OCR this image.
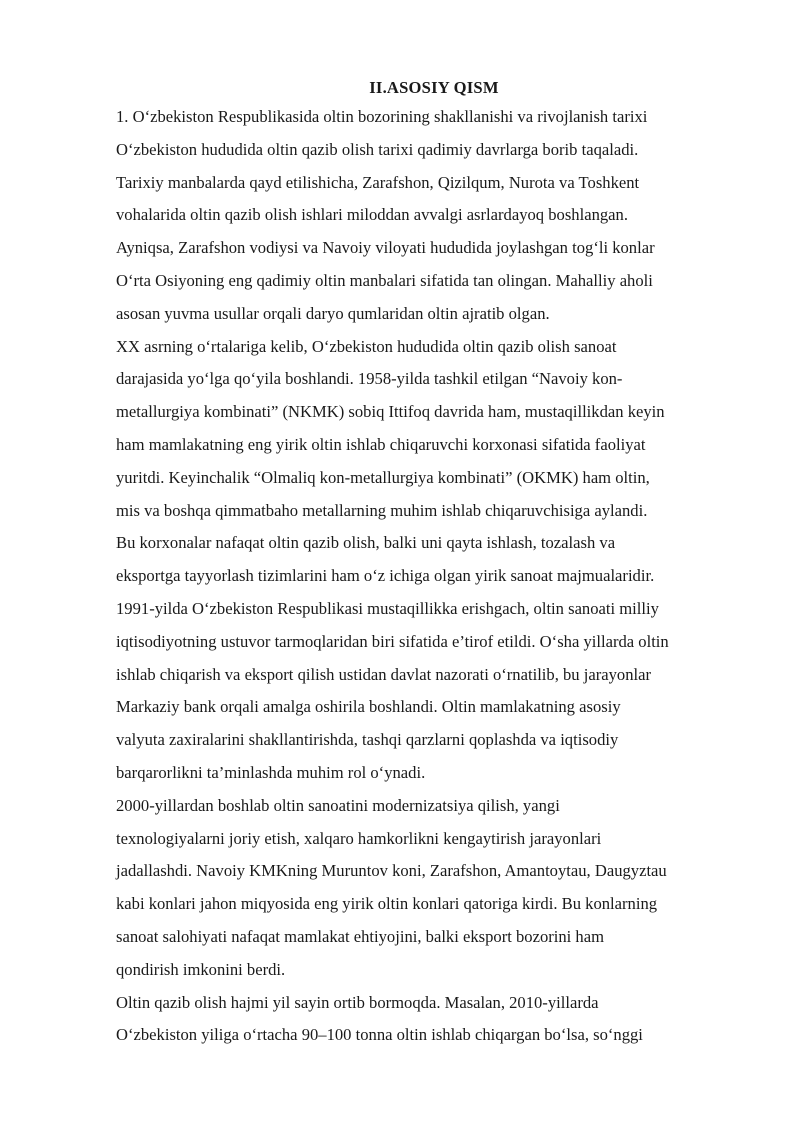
II.ASOSIY QISM
1. O‘zbekiston Respublikasida oltin bozorining shakllanishi va rivojlanish tarixi
O‘zbekiston hududida oltin qazib olish tarixi qadimiy davrlarga borib taqaladi.
Tarixiy manbalarda qayd etilishicha, Zarafshon, Qizilqum, Nurota va Toshkent
vohalarida oltin qazib olish ishlari miloddan avvalgi asrlardayoq boshlangan.
Ayniqsa, Zarafshon vodiysi va Navoiy viloyati hududida joylashgan tog‘li konlar
O‘rta Osiyoning eng qadimiy oltin manbalari sifatida tan olingan. Mahalliy aholi
asosan yuvma usullar orqali daryo qumlaridan oltin ajratib olgan.
XX asrning o‘rtalariga kelib, O‘zbekiston hududida oltin qazib olish sanoat
darajasida yo‘lga qo‘yila boshlandi. 1958-yilda tashkil etilgan “Navoiy kon-
metallurgiya kombinati” (NKMK) sobiq Ittifoq davrida ham, mustaqillikdan keyin
ham mamlakatning eng yirik oltin ishlab chiqaruvchi korxonasi sifatida faoliyat
yuritdi. Keyinchalik “Olmaliq kon-metallurgiya kombinati” (OKMK) ham oltin,
mis va boshqa qimmatbaho metallarning muhim ishlab chiqaruvchisiga aylandi.
Bu korxonalar nafaqat oltin qazib olish, balki uni qayta ishlash, tozalash va
eksportga tayyorlash tizimlarini ham o‘z ichiga olgan yirik sanoat majmualaridir.
1991-yilda O‘zbekiston Respublikasi mustaqillikka erishgach, oltin sanoati milliy
iqtisodiyotning ustuvor tarmoqlaridan biri sifatida e’tirof etildi. O‘sha yillarda oltin
ishlab chiqarish va eksport qilish ustidan davlat nazorati o‘rnatilib, bu jarayonlar
Markaziy bank orqali amalga oshirila boshlandi. Oltin mamlakatning asosiy
valyuta zaxiralarini shakllantirishda, tashqi qarzlarni qoplashda va iqtisodiy
barqarorlikni ta’minlashda muhim rol o‘ynadi.
2000-yillardan boshlab oltin sanoatini modernizatsiya qilish, yangi
texnologiyalarni joriy etish, xalqaro hamkorlikni kengaytirish jarayonlari
jadallashdi. Navoiy KMKning Muruntov koni, Zarafshon, Amantoytau, Daugyztau
kabi konlari jahon miqyosida eng yirik oltin konlari qatoriga kirdi. Bu konlarning
sanoat salohiyati nafaqat mamlakat ehtiyojini, balki eksport bozorini ham
qondirish imkonini berdi.
Oltin qazib olish hajmi yil sayin ortib bormoqda. Masalan, 2010-yillarda
O‘zbekiston yiliga o‘rtacha 90–100 tonna oltin ishlab chiqargan bo‘lsa, so‘nggi
